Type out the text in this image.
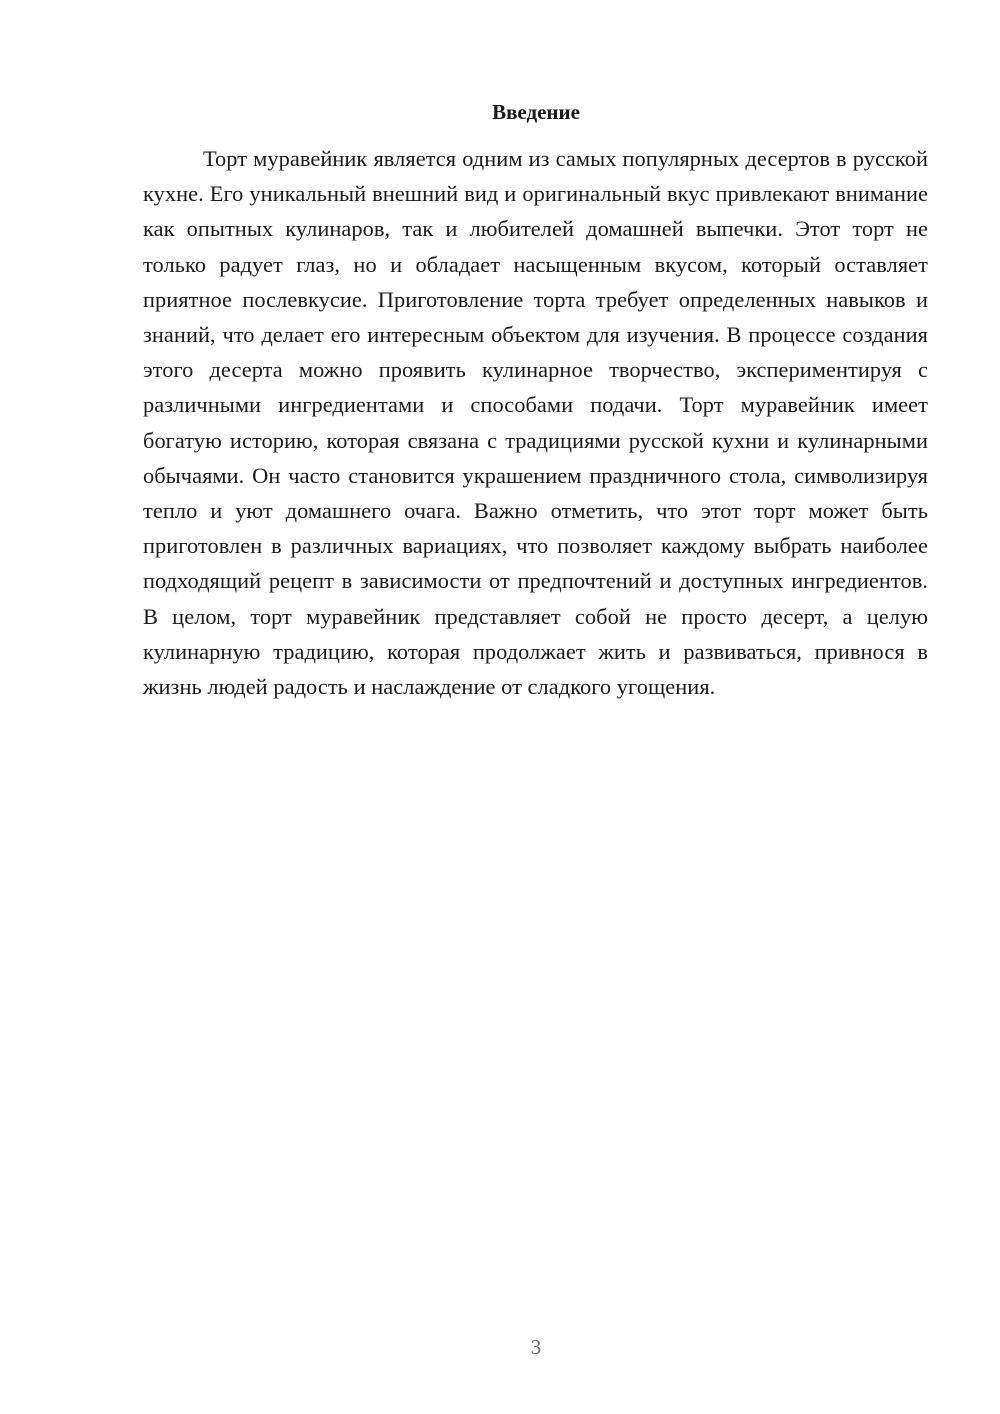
Введение

Торт муравейник является одним из самых популярных десертов в русской кухне. Его уникальный внешний вид и оригинальный вкус привлекают внимание как опытных кулинаров, так и любителей домашней выпечки. Этот торт не только радует глаз, но и обладает насыщенным вкусом, который оставляет приятное послевкусие. Приготовление торта требует определенных навыков и знаний, что делает его интересным объектом для изучения. В процессе создания этого десерта можно проявить кулинарное творчество, экспериментируя с различными ингредиентами и способами подачи. Торт муравейник имеет богатую историю, которая связана с традициями русской кухни и кулинарными обычаями. Он часто становится украшением праздничного стола, символизируя тепло и уют домашнего очага. Важно отметить, что этот торт может быть приготовлен в различных вариациях, что позволяет каждому выбрать наиболее подходящий рецепт в зависимости от предпочтений и доступных ингредиентов. В целом, торт муравейник представляет собой не просто десерт, а целую кулинарную традицию, которая продолжает жить и развиваться, привнося в жизнь людей радость и наслаждение от сладкого угощения.

3
